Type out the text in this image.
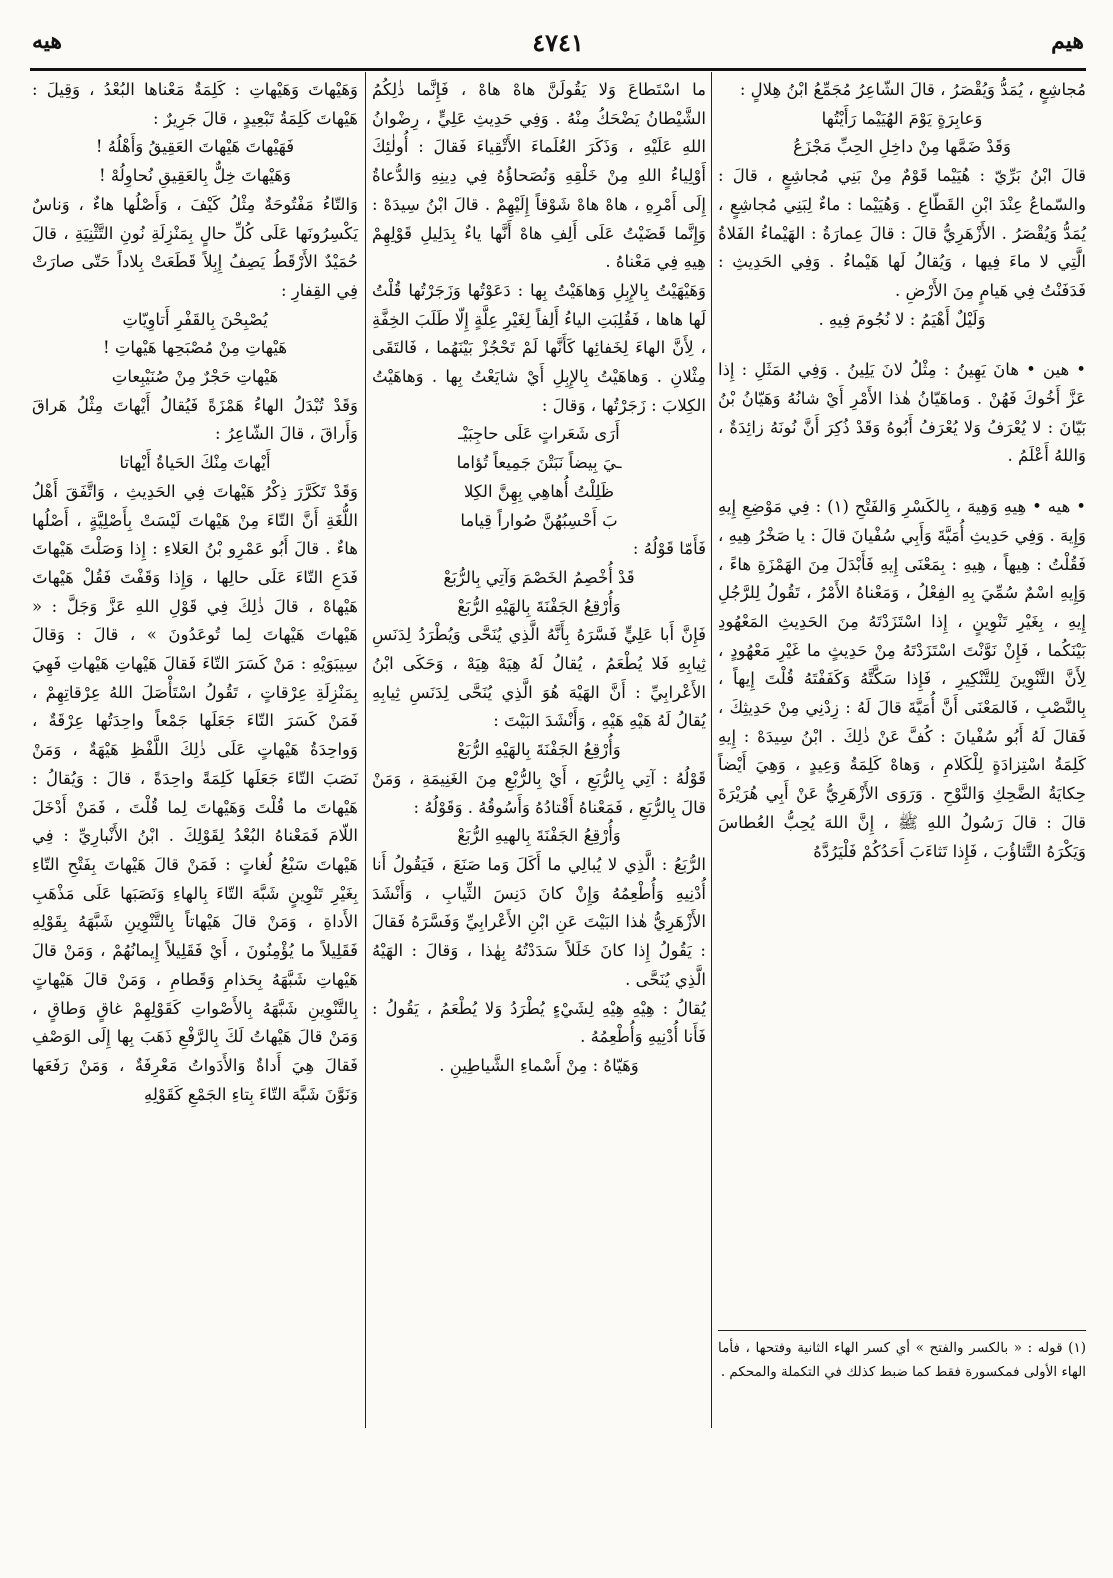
هيم
٤٧٤١
هيه

مُجاشِعٍ ، يُمَدُّ وَيُقْصَرُ ، قالَ الشّاعِرُ مُجَمِّعُ ابْنُ هِلالٍ :

وَعابِرَةٍ يَوْمَ الهُيَيْما رَأَيْتُها

وَقَدْ ضَمَّها مِنْ داخِلِ الحِبِّ مَجْزَعُ

قالَ ابْنُ بَرِّيّ : هُيَيْما قَوْمٌ مِنْ بَنِي مُجاشِعٍ ، قالَ : والسّماعُ عِنْدَ ابْنِ القَطّاعِ . وَهُيَيْما : ماءٌ لِبَنِي مُجاشِعٍ ، يُمَدُّ وَيُقْصَرُ . الأَزْهَرِيُّ قالَ : قالَ عِمارَةُ : الهَيْماءُ الفَلاةُ الَّتِي لا ماءَ فِيها ، وَيُقالُ لَها هَيْماءُ . وَفِي الحَدِيثِ : فَدَفَنْتُ فِي هَيامٍ مِنَ الأَرْضِ .

وَلَيْلٌ أَهْيَمُ : لا نُجُومَ فِيهِ .

• هين • هانَ يَهِينُ : مِثْلُ لانَ يَلِينُ . وَفِي المَثَلِ : إِذا عَزَّ أَخُوكَ فَهُنْ . وَماهَيّانُ هٰذا الأَمْرِ أَيْ شانُهُ وَهَيّانُ بْنُ بَيّانَ : لا يُعْرَفُ وَلا يُعْرَفُ أَبُوهُ وَقَدْ ذُكِرَ أَنَّ نُونَهُ زائِدَةٌ ، وَاللهُ أَعْلَمُ .

• هيه • هِيهِ وَهِيهَ ، بِالكَسْرِ وَالفَتْحِ (١) : فِي مَوْضِعِ إِيهِ وَإِيهَ . وَفِي حَدِيثِ أُمَيَّةَ وَأَبِي سُفْيانَ قالَ : يا صَخْرُ هِيهِ ، فَقُلْتُ : هِيهاً ، هِيهِ : بِمَعْنَى إِيهِ فَأَبْدَلَ مِنَ الهَمْزَةِ هاءً ، وَإِيهِ اسْمٌ سُمِّيَ بِهِ الفِعْلُ ، وَمَعْناهُ الأَمْرُ ، تَقُولُ لِلرَّجُلِ إِيهِ ، بِغَيْرِ تَنْوِينٍ ، إِذا اسْتَزَدْتَهُ مِنَ الحَدِيثِ المَعْهُودِ بَيْنَكُما ، فَإِنْ نَوَّنْتَ اسْتَزَدْتَهُ مِنْ حَدِيثٍ ما غَيْرِ مَعْهُودٍ ، لِأَنَّ التَّنْوِينَ لِلتَّنْكِيرِ ، فَإِذا سَكَّتَّهُ وَكَفَفْتَهُ قُلْتَ إِيهاً ، بِالنَّصْبِ ، فَالمَعْنَى أَنَّ أُمَيَّةَ قالَ لَهُ : زِدْنِي مِنْ حَدِيثِكَ ، فَقالَ لَهُ أَبُو سُفْيانَ : كُفَّ عَنْ ذٰلِكَ . ابْنُ سِيدَهْ : إِيهِ كَلِمَةُ اسْتِزادَةٍ لِلْكَلامِ ، وَهاهْ كَلِمَةُ وَعِيدٍ ، وَهِيَ أَيْضاً حِكايَةُ الضَّحِكِ وَالنَّوْحِ . وَرَوَى الأَزْهَرِيُّ عَنْ أَبِي هُرَيْرَةَ قالَ : قالَ رَسُولُ اللهِ ﷺ ، إِنَّ اللهَ يُحِبُّ العُطاسَ وَيَكْرَهُ التَّثاؤُبَ ، فَإِذا تَثاءَبَ أَحَدُكُمْ فَلْيَرُدَّهُ

(١) قوله : « بالكسر والفتح » أي كسر الهاء الثانية وفتحها ، فأما الهاء الأولى فمكسورة فقط كما ضبط كذلك في التكملة والمحكم .

ما اسْتَطاعَ وَلا يَقُولَنَّ هاهْ هاهْ ، فَإِنَّما ذٰلِكُمُ الشَّيْطانُ يَضْحَكُ مِنْهُ . وَفِي حَدِيثِ عَلِيٍّ ، رِضْوانُ اللهِ عَلَيْهِ ، وَذَكَرَ العُلَماءَ الأَتْقِياءَ فَقالَ : أُولٰئِكَ أَوْلِياءُ اللهِ مِنْ خَلْقِهِ وَنُصَحاؤُهُ فِي دِينِهِ وَالدُّعاةُ إِلَى أَمْرِهِ ، هاهْ هاهْ شَوْقاً إِلَيْهِمْ . قالَ ابْنُ سِيدَهْ : وَإِنَّما قَضَيْتُ عَلَى أَلِفِ هاهْ أَنَّها ياءٌ بِدَلِيلِ قَوْلِهِمْ هِيهِ فِي مَعْناهُ .

وَهَيْهَيْتُ بِالإِبِلِ وَهاهَيْتُ بِها : دَعَوْتُها وَزَجَرْتُها قُلْتُ لَها هاها ، فَقُلِبَتِ الياءُ أَلِفاً لِغَيْرِ عِلَّةٍ إِلّا طَلَبَ الخِفَّةِ ، لِأَنَّ الهاءَ لِخَفائِها كَأَنَّها لَمْ تَحْجُزْ بَيْنَهُما ، فَالتَقَى مِثْلانِ . وَهاهَيْتُ بِالإِبِلِ أَيْ شايَعْتُ بِها . وَهاهَيْتُ الكِلابَ : زَجَرْتُها ، وَقالَ :

أَرَى شَعَراتٍ عَلَى حاجِبَيْـ

ـيَ بِيضاً نَبَتْنَ جَمِيعاً تُؤاما

ظَلِلْتُ أُهاهِي بِهِنَّ الكِلا

بَ أَحْسِبُهُنَّ صُواراً قِياما

فَأَمّا قَوْلُهُ :

قَدْ أُخْصِمُ الخَصْمَ وَآتِي بِالرُّبَعْ

وَأُرْقِعُ الجَفْنَةَ بِالهَيْهِ الرُّبَعْ

فَإِنَّ أَبا عَلِيٍّ فَسَّرَهُ بِأَنَّهُ الَّذِي يُنَحَّى وَيُطْرَدُ لِدَنَسِ ثِيابِهِ فَلا يُطْعَمُ ، يُقالُ لَهُ هِيَهْ هِيَهْ ، وَحَكَى ابْنُ الأَعْرابِيِّ : أَنَّ الهَيْهَ هُوَ الَّذِي يُنَحَّى لِدَنَسِ ثِيابِهِ يُقالُ لَهُ هَيْهِ هَيْهِ ، وَأَنْشَدَ البَيْتَ :

وَأُرْقِعُ الجَفْنَةَ بِالهَيْهِ الرُّبَعْ

قَوْلُهُ : آتِي بِالرُّبَعِ ، أَيْ بِالرُّبْعِ مِنَ الغَنِيمَةِ ، وَمَنْ قالَ بِالرُّبَعِ ، فَمَعْناهُ أَقْتادُهُ وَأَسُوقُهُ . وَقَوْلُهُ :

وَأُرْقِعُ الجَفْنَةَ بِالهيهِ الرُّبَعْ

الرُّبَعُ : الَّذِي لا يُبالِي ما أَكَلَ وَما صَنَعَ ، فَيَقُولُ أَنا أُدْنِيهِ وَأُطْعِمُهُ وَإِنْ كانَ دَنِسَ الثِّيابِ ، وَأَنْشَدَ الأَزْهَرِيُّ هٰذا البَيْتَ عَنِ ابْنِ الأَعْرابِيِّ وَفَسَّرَهُ فَقالَ : يَقُولُ إِذا كانَ خَلَلاً سَدَدْتُهُ بِهٰذا ، وَقالَ : الهَيْهُ الَّذِي يُنَحَّى .

يُقالُ : هِيْهِ هِيْهِ لِشَيْءٍ يُطْرَدُ وَلا يُطْعَمُ ، يَقُولُ : فَأَنا أُدْنِيهِ وَأُطْعِمُهُ .

وَهَيّاهُ : مِنْ أَسْماءِ الشَّياطِينِ .

وَهَيْهاتَ وَهَيْهاتِ : كَلِمَةٌ مَعْناها البُعْدُ ، وَقِيلَ : هَيْهاتَ كَلِمَةُ تَبْعِيدٍ ، قالَ جَرِيرٌ :

فَهَيْهاتَ هَيْهاتَ العَقِيقُ وَأَهْلُهُ !

وَهَيْهاتَ خِلٌّ بِالعَقِيقِ نُحاوِلُهْ !

وَالتّاءُ مَفْتُوحَةٌ مِثْلُ كَيْفَ ، وَأَصْلُها هاءٌ ، وَناسٌ يَكْسِرُونَها عَلَى كُلِّ حالٍ بِمَنْزِلَةِ نُونِ التَّثْنِيَةِ ، قالَ حُمَيْدٌ الأَرْقَطُ يَصِفُ إِبِلاً قَطَعَتْ بِلاداً حَتّى صارَتْ فِي القِفارِ :

يُصْبِحْنَ بِالقَفْرِ أَتاوِيّاتِ

هَيْهاتِ مِنْ مُصْبَحِها هَيْهاتِ !

هَيْهاتِ حَجْرٌ مِنْ صُنَيْبِعاتِ

وَقَدْ تُبْدَلُ الهاءُ هَمْزَةً فَيُقالُ أَيْهاتَ مِثْلُ هَراقَ وَأَراقَ ، قالَ الشّاعِرُ :

أَيْهاتَ مِنْكَ الحَياةُ أَيْهاتا

وَقَدْ تَكَرَّرَ ذِكْرُ هَيْهاتَ فِي الحَدِيثِ ، وَاتَّفَقَ أَهْلُ اللُّغَةِ أَنَّ التّاءَ مِنْ هَيْهاتَ لَيْسَتْ بِأَصْلِيَّةٍ ، أَصْلُها هاءٌ . قالَ أَبُو عَمْرِو بْنُ العَلاءِ : إِذا وَصَلْتَ هَيْهاتَ فَدَعِ التّاءَ عَلَى حالِها ، وَإِذا وَقَفْتَ فَقُلْ هَيْهاتَ هَيْهاهْ ، قالَ ذٰلِكَ فِي قَوْلِ اللهِ عَزَّ وَجَلَّ : « هَيْهاتَ هَيْهاتَ لِما تُوعَدُونَ » ، قالَ : وَقالَ سِيبَوَيْهِ : مَنْ كَسَرَ التّاءَ فَقالَ هَيْهاتِ هَيْهاتِ فَهِيَ بِمَنْزِلَةِ عِرْقاتٍ ، تَقُولُ اسْتَأْصَلَ اللهُ عِرْقاتِهِمْ ، فَمَنْ كَسَرَ التّاءَ جَعَلَها جَمْعاً واحِدَتُها عِرْقَةٌ ، وَواحِدَةُ هَيْهاتٍ عَلَى ذٰلِكَ اللَّفْظِ هَيْهَةٌ ، وَمَنْ نَصَبَ التّاءَ جَعَلَها كَلِمَةً واحِدَةً ، قالَ : وَيُقالُ : هَيْهاتَ ما قُلْتَ وَهَيْهاتَ لِما قُلْتَ ، فَمَنْ أَدْخَلَ اللّامَ فَمَعْناهُ البُعْدُ لِقَوْلِكَ . ابْنُ الأَنْبارِيِّ : فِي هَيْهاتَ سَبْعُ لُغاتٍ : فَمَنْ قالَ هَيْهاتَ بِفَتْحِ التّاءِ بِغَيْرِ تَنْوِينٍ شَبَّهَ التّاءَ بِالهاءِ وَنَصَبَها عَلَى مَذْهَبِ الأَداةِ ، وَمَنْ قالَ هَيْهاتاً بِالتَّنْوِينِ شَبَّهَهُ بِقَوْلِهِ فَقَلِيلاً ما يُؤْمِنُونَ ، أَيْ فَقَلِيلاً إِيمانُهُمْ ، وَمَنْ قالَ هَيْهاتِ شَبَّهَهُ بِحَذامِ وَقَطامِ ، وَمَنْ قالَ هَيْهاتٍ بِالتَّنْوِينِ شَبَّهَهُ بِالأَصْواتِ كَقَوْلِهِمْ غاقٍ وَطاقٍ ، وَمَنْ قالَ هَيْهاتُ لَكَ بِالرَّفْعِ ذَهَبَ بِها إِلَى الوَصْفِ فَقالَ هِيَ أَداةٌ وَالأَدَواتُ مَعْرِفَةٌ ، وَمَنْ رَفَعَها وَنَوَّنَ شَبَّهَ التّاءَ بِتاءِ الجَمْعِ كَقَوْلِهِ
